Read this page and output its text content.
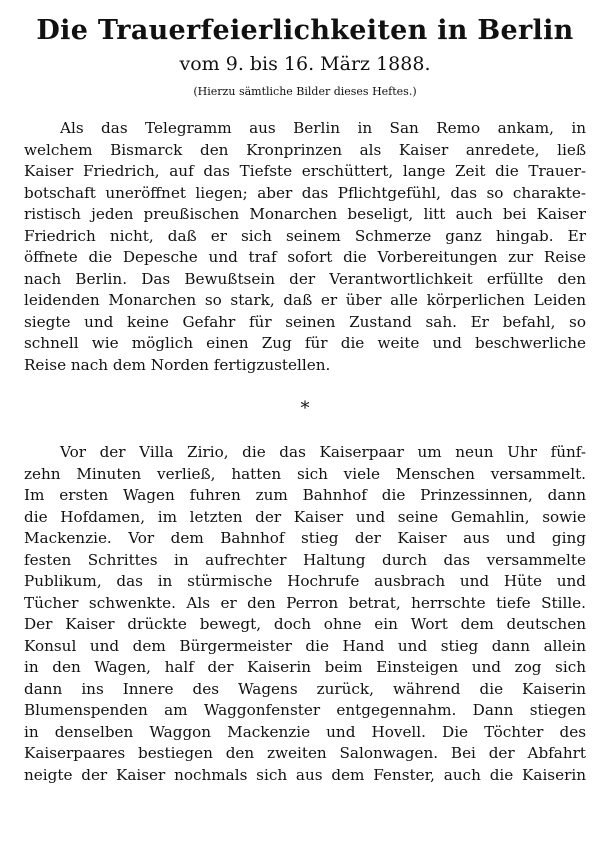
Die Trauerfeierlichkeiten in Berlin
vom 9. bis 16. März 1888.
(Hierzu sämtliche Bilder dieses Heftes.)
Als das Telegramm aus Berlin in San Remo ankam, in
welchem Bismarck den Kronprinzen als Kaiser anredete, ließ
Kaiser Friedrich, auf das Tiefste erschüttert, lange Zeit die Trauer-
botschaft uneröffnet liegen; aber das Pflichtgefühl, das so charakte-
ristisch jeden preußischen Monarchen beseligt, litt auch bei Kaiser
Friedrich nicht, daß er sich seinem Schmerze ganz hingab. Er
öffnete die Depesche und traf sofort die Vorbereitungen zur Reise
nach Berlin. Das Bewußtsein der Verantwortlichkeit erfüllte den
leidenden Monarchen so stark, daß er über alle körperlichen Leiden
siegte und keine Gefahr für seinen Zustand sah. Er befahl, so
schnell wie möglich einen Zug für die weite und beschwerliche
Reise nach dem Norden fertigzustellen.
*
Vor der Villa Zirio, die das Kaiserpaar um neun Uhr fünf-
zehn Minuten verließ, hatten sich viele Menschen versammelt.
Im ersten Wagen fuhren zum Bahnhof die Prinzessinnen, dann
die Hofdamen, im letzten der Kaiser und seine Gemahlin, sowie
Mackenzie. Vor dem Bahnhof stieg der Kaiser aus und ging
festen Schrittes in aufrechter Haltung durch das versammelte
Publikum, das in stürmische Hochrufe ausbrach und Hüte und
Tücher schwenkte. Als er den Perron betrat, herrschte tiefe Stille.
Der Kaiser drückte bewegt, doch ohne ein Wort dem deutschen
Konsul und dem Bürgermeister die Hand und stieg dann allein
in den Wagen, half der Kaiserin beim Einsteigen und zog sich
dann ins Innere des Wagens zurück, während die Kaiserin
Blumenspenden am Waggonfenster entgegennahm. Dann stiegen
in denselben Waggon Mackenzie und Hovell. Die Töchter des
Kaiserpaares bestiegen den zweiten Salonwagen. Bei der Abfahrt
neigte der Kaiser nochmals sich aus dem Fenster, auch die Kaiserin
